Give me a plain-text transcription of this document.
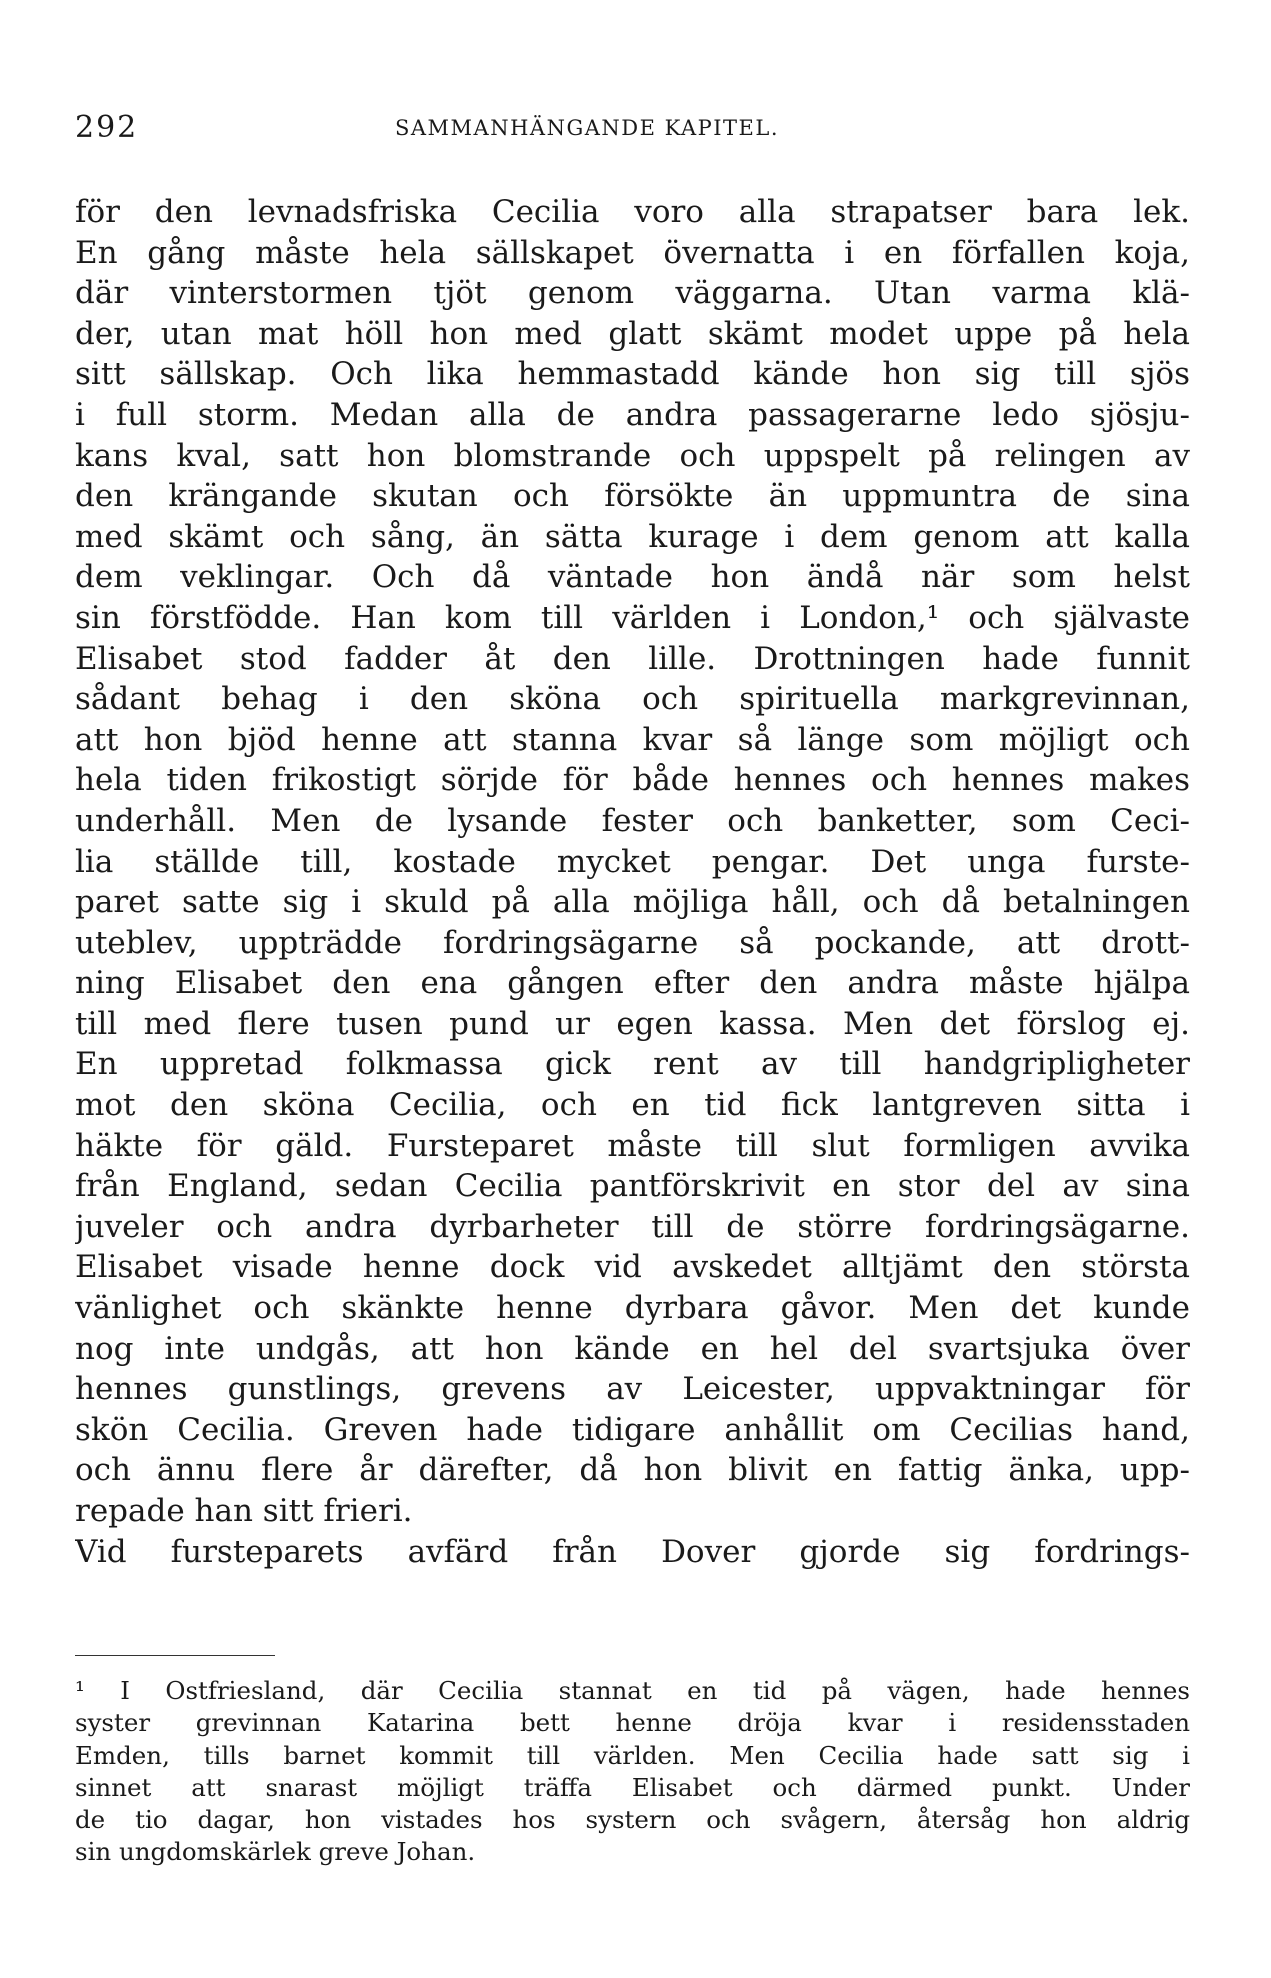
292	SAMMANHÄNGANDE KAPITEL.
för den levnadsfriska Cecilia voro alla strapatser bara lek.
En gång måste hela sällskapet övernatta i en förfallen koja,
där vinterstormen tjöt genom väggarna. Utan varma klä-
der, utan mat höll hon med glatt skämt modet uppe på hela
sitt sällskap. Och lika hemmastadd kände hon sig till sjös
i full storm. Medan alla de andra passagerarne ledo sjösju-
kans kval, satt hon blomstrande och uppspelt på relingen av
den krängande skutan och försökte än uppmuntra de sina
med skämt och sång, än sätta kurage i dem genom att kalla
dem veklingar. Och då väntade hon ändå när som helst
sin förstfödde. Han kom till världen i London,¹ och självaste
Elisabet stod fadder åt den lille. Drottningen hade funnit
sådant behag i den sköna och spirituella markgrevinnan,
att hon bjöd henne att stanna kvar så länge som möjligt och
hela tiden frikostigt sörjde för både hennes och hennes makes
underhåll. Men de lysande fester och banketter, som Ceci-
lia ställde till, kostade mycket pengar. Det unga furste-
paret satte sig i skuld på alla möjliga håll, och då betalningen
uteblev, uppträdde fordringsägarne så pockande, att drott-
ning Elisabet den ena gången efter den andra måste hjälpa
till med flere tusen pund ur egen kassa. Men det förslog ej.
En uppretad folkmassa gick rent av till handgripligheter
mot den sköna Cecilia, och en tid fick lantgreven sitta i
häkte för gäld. Fursteparet måste till slut formligen avvika
från England, sedan Cecilia pantförskrivit en stor del av sina
juveler och andra dyrbarheter till de större fordringsägarne.
Elisabet visade henne dock vid avskedet alltjämt den största
vänlighet och skänkte henne dyrbara gåvor. Men det kunde
nog inte undgås, att hon kände en hel del svartsjuka över
hennes gunstlings, grevens av Leicester, uppvaktningar för
skön Cecilia. Greven hade tidigare anhållit om Cecilias hand,
och ännu flere år därefter, då hon blivit en fattig änka, upp-
repade han sitt frieri.
Vid fursteparets avfärd från Dover gjorde sig fordrings-
¹ I Ostfriesland, där Cecilia stannat en tid på vägen, hade hennes
syster grevinnan Katarina bett henne dröja kvar i residensstaden
Emden, tills barnet kommit till världen. Men Cecilia hade satt sig i
sinnet att snarast möjligt träffa Elisabet och därmed punkt. Under
de tio dagar, hon vistades hos systern och svågern, återsåg hon aldrig
sin ungdomskärlek greve Johan.
